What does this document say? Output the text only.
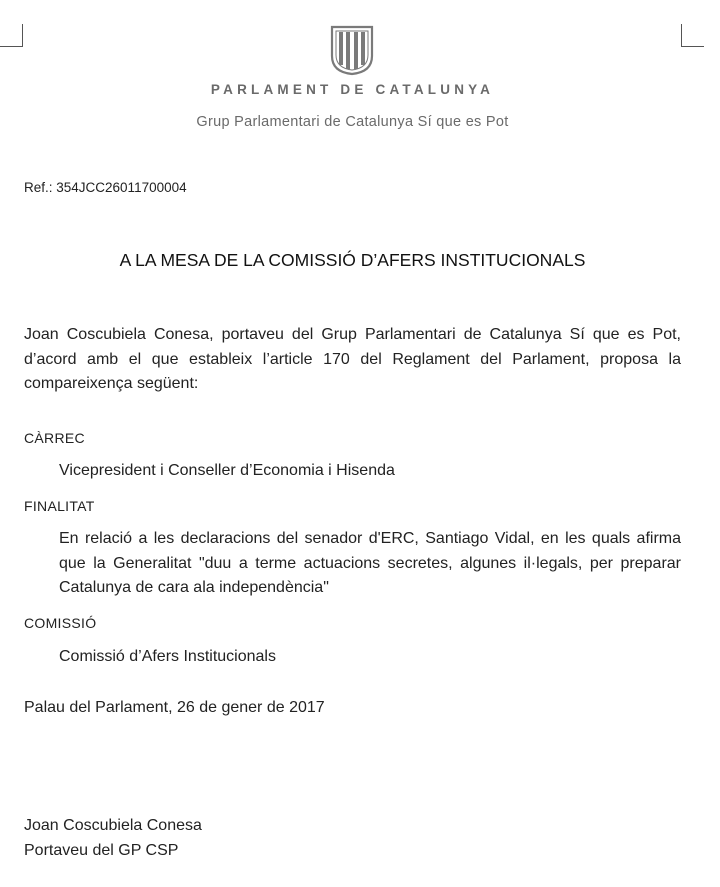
PARLAMENT DE CATALUNYA
Grup Parlamentari de Catalunya Sí que es Pot
Ref.: 354JCC26011700004
A LA MESA DE LA COMISSIÓ D’AFERS INSTITUCIONALS
Joan Coscubiela Conesa, portaveu del Grup Parlamentari de Catalunya Sí que es Pot, d’acord amb el que estableix l’article 170 del Reglament del Parlament, proposa la compareixença següent:
CÀRREC
Vicepresident i Conseller d’Economia i Hisenda
FINALITAT
En relació a les declaracions del senador d'ERC, Santiago Vidal, en les quals afirma que la Generalitat "duu a terme actuacions secretes, algunes il·legals, per preparar Catalunya de cara ala independència"
COMISSIÓ
Comissió d’Afers Institucionals
Palau del Parlament, 26 de gener de 2017
Joan Coscubiela Conesa
Portaveu del GP CSP
